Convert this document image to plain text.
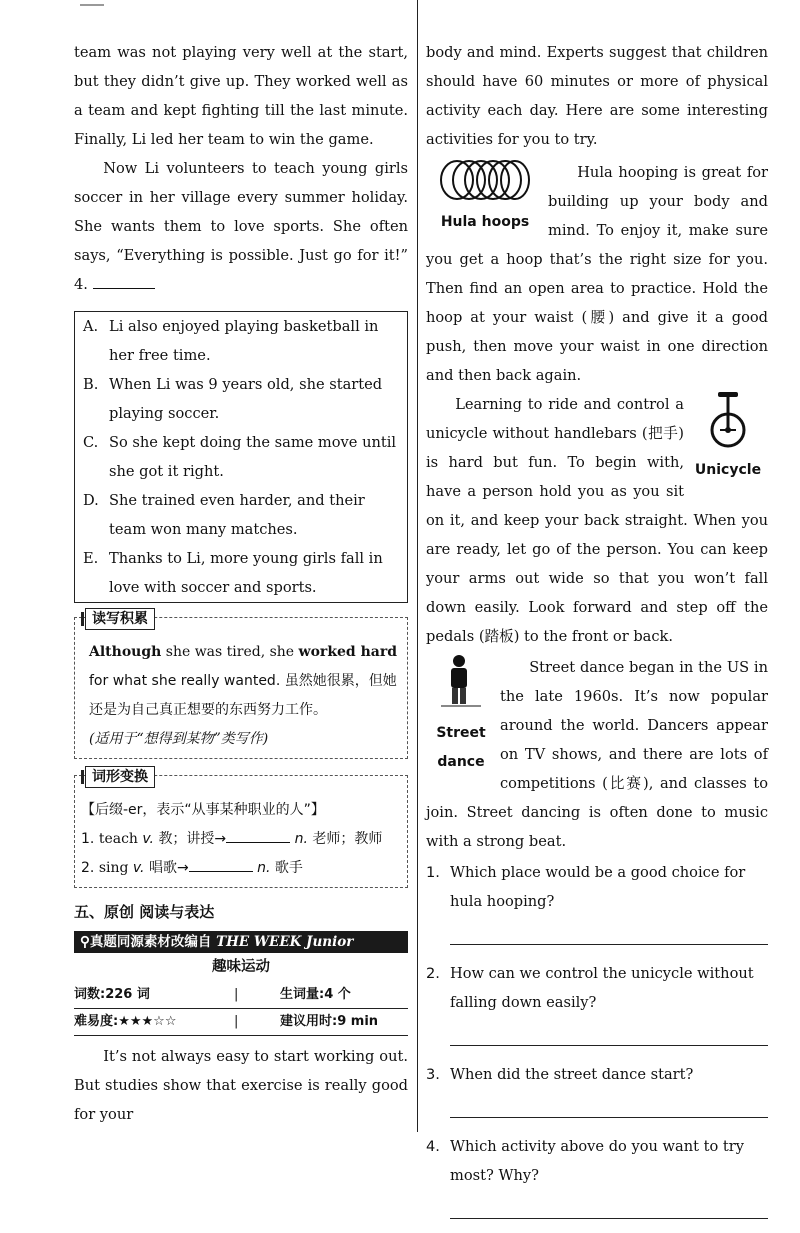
team was not playing very well at the start, but they didn’t give up. They worked well as a team and kept fighting till the last minute. Finally, Li led her team to win the game.

Now Li volunteers to teach young girls soccer in her village every summer holiday. She wants them to love sports. She often says, “Everything is possible. Just go for it!” 4.

A. Li also enjoyed playing basketball in her free time.
B. When Li was 9 years old, she started playing soccer.
C. So she kept doing the same move until she got it right.
D. She trained even harder, and their team won many matches.
E. Thanks to Li, more young girls fall in love with soccer and sports.
读写积累
Although she was tired, she worked hard for what she really wanted. 虽然她很累，但她还是为自己真正想要的东西努力工作。
(适用于“想得到某物”类写作)
词形变换
【后缀-er，表示“从事某种职业的人”】
1. teach v. 教；讲授→	n. 老师；教师
2. sing v. 唱歌→	n. 歌手
五、原创 阅读与表达
⚲真题同源素材改编自 THE WEEK Junior
趣味运动
词数:226 词	|	生词量:4 个
难易度:★★★☆☆	|	建议用时:9 min

It’s not always easy to start working out. But studies show that exercise is really good for your

body and mind. Experts suggest that children should have 60 minutes or more of physical activity each day. Here are some interesting activities for you to try.

Hula hoops

Hula hooping is great for building up your body and mind. To enjoy it, make sure you get a hoop that’s the right size for you. Then find an open area to practice. Hold the hoop at your waist (腰) and give it a good push, then move your waist in one direction and then back again.

Unicycle

Learning to ride and control a unicycle without handlebars (把手) is hard but fun. To begin with, have a person hold you as you sit on it, and keep your back straight. When you are ready, let go of the person. You can keep your arms out wide so that you won’t fall down easily. Look forward and step off the pedals (踏板) to the front or back.

Street
dance

Street dance began in the US in the late 1960s. It’s now popular around the world. Dancers appear on TV shows, and there are lots of competitions (比赛), and classes to join. Street dancing is often done to music with a strong beat.

1. Which place would be a good choice for hula hooping?
2. How can we control the unicycle without falling down easily?
3. When did the street dance start?
4. Which activity above do you want to try most? Why?
